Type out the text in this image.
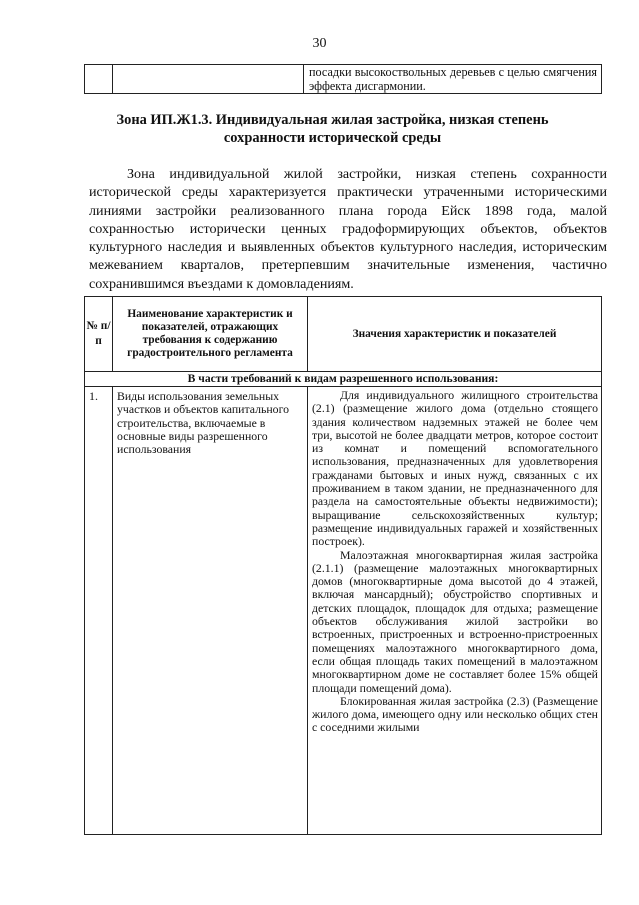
30

посадки высокоствольных деревьев с целью смягчения эффекта дисгармонии.
Зона ИП.Ж1.3. Индивидуальная жилая застройка, низкая степень сохранности исторической среды

Зона индивидуальной жилой застройки, низкая степень сохранности исторической среды характеризуется практически утраченными историческими линиями застройки реализованного плана города Ейск 1898 года, малой сохранностью исторически ценных градоформирующих объектов, объектов культурного наследия и выявленных объектов культурного наследия, историческим межеванием кварталов, претерпевшим значительные изменения, частично сохранившимся въездами к домовладениям.

№ п/ п	Наименование характеристик и показателей, отражающих требования к содержанию градостроительного регламента	Значения характеристик и показателей
В части требований к видам разрешенного использования:		
1.	Виды использования земельных участков и объектов капитального строительства, включаемые в основные виды разрешенного использования	Для индивидуального жилищного строительства (2.1) (размещение жилого дома (отдельно стоящего здания количеством надземных этажей не более чем три, высотой не более двадцати метров, которое состоит из комнат и помещений вспомогательного использования, предназначенных для удовлетворения гражданами бытовых и иных нужд, связанных с их проживанием в таком здании, не предназначенного для раздела на самостоятельные объекты недвижимости); выращивание сельскохозяйственных культур; размещение индивидуальных гаражей и хозяйственных построек).

Малоэтажная многоквартирная жилая застройка (2.1.1) (размещение малоэтажных многоквартирных домов (многоквартирные дома высотой до 4 этажей, включая мансардный); обустройство спортивных и детских площадок, площадок для отдыха; размещение объектов обслуживания жилой застройки во встроенных, пристроенных и встроенно-пристроенных помещениях малоэтажного многоквартирного дома, если общая площадь таких помещений в малоэтажном многоквартирном доме не составляет более 15% общей площади помещений дома).

Блокированная жилая застройка (2.3) (Размещение жилого дома, имеющего одну или несколько общих стен с соседними жилыми
